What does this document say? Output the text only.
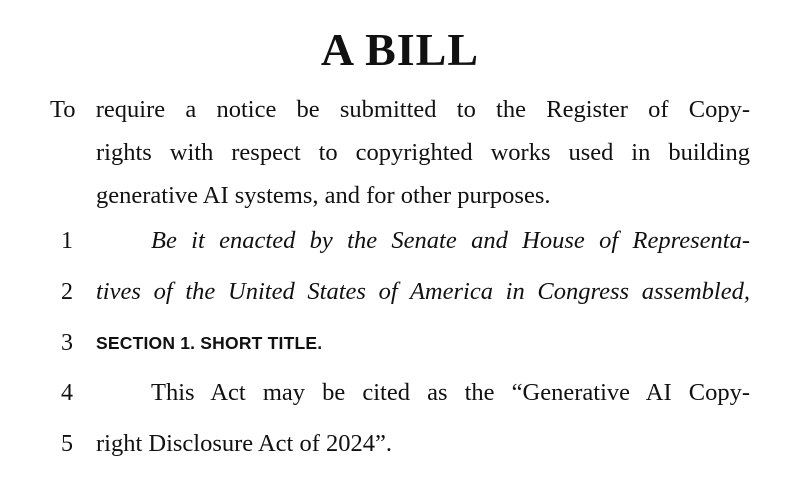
A BILL
To require a notice be submitted to the Register of Copy-
rights with respect to copyrighted works used in building
generative AI systems, and for other purposes.
1	Be it enacted by the Senate and House of Representa-
2 tives of the United States of America in Congress assembled,
3	SECTION 1. SHORT TITLE.
4	This Act may be cited as the “Generative AI Copy-
5 right Disclosure Act of 2024”.
